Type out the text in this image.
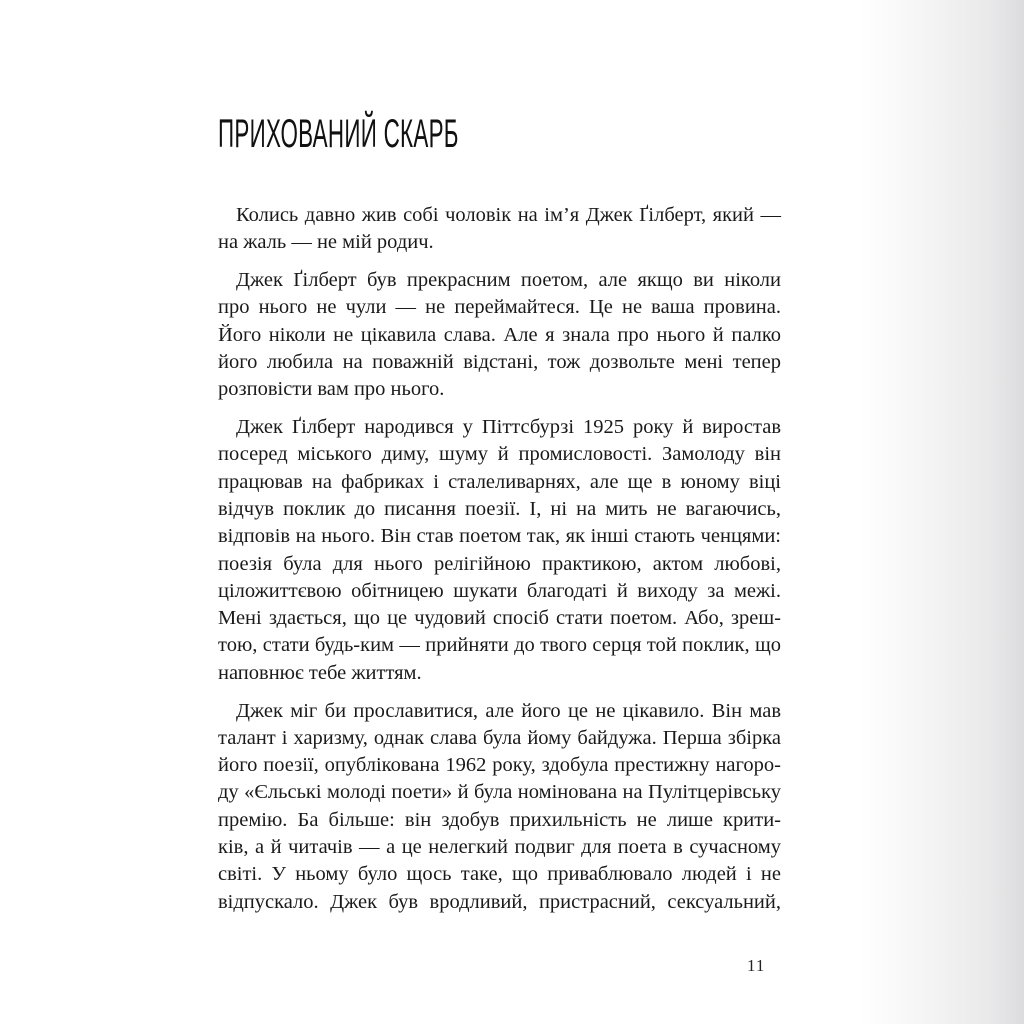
ПРИХОВАНИЙ СКАРБ
Колись давно жив собі чоловік на ім’я Джек Ґілберт, який —
на жаль — не мій родич.
Джек Ґілберт був прекрасним поетом, але якщо ви ніколи
про нього не чули — не переймайтеся. Це не ваша провина.
Його ніколи не цікавила слава. Але я знала про нього й палко
його любила на поважній відстані, тож дозвольте мені тепер
розповісти вам про нього.
Джек Ґілберт народився у Піттсбурзі 1925 року й виростав
посеред міського диму, шуму й промисловості. Замолоду він
працював на фабриках і сталеливарнях, але ще в юному віці
відчув поклик до писання поезії. І, ні на мить не вагаючись,
відповів на нього. Він став поетом так, як інші стають ченцями:
поезія була для нього релігійною практикою, актом любові,
цiложиттєвою обітницею шукати благодаті й виходу за межі.
Мені здається, що це чудовий спосіб стати поетом. Або, зреш-
тою, стати будь-ким — прийняти до твого серця той поклик, що
наповнює тебе життям.
Джек міг би прославитися, але його це не цікавило. Він мав
талант і харизму, однак слава була йому байдужа. Перша збірка
його поезії, опублікована 1962 року, здобула престижну нагоро-
ду «Єльські молоді поети» й була номінована на Пулітцерівську
премію. Ба більше: він здобув прихильність не лише крити-
ків, а й читачів — а це нелегкий подвиг для поета в сучасному
світі. У ньому було щось таке, що приваблювало людей і не
відпускало. Джек був вродливий, пристрасний, сексуальний,
11
